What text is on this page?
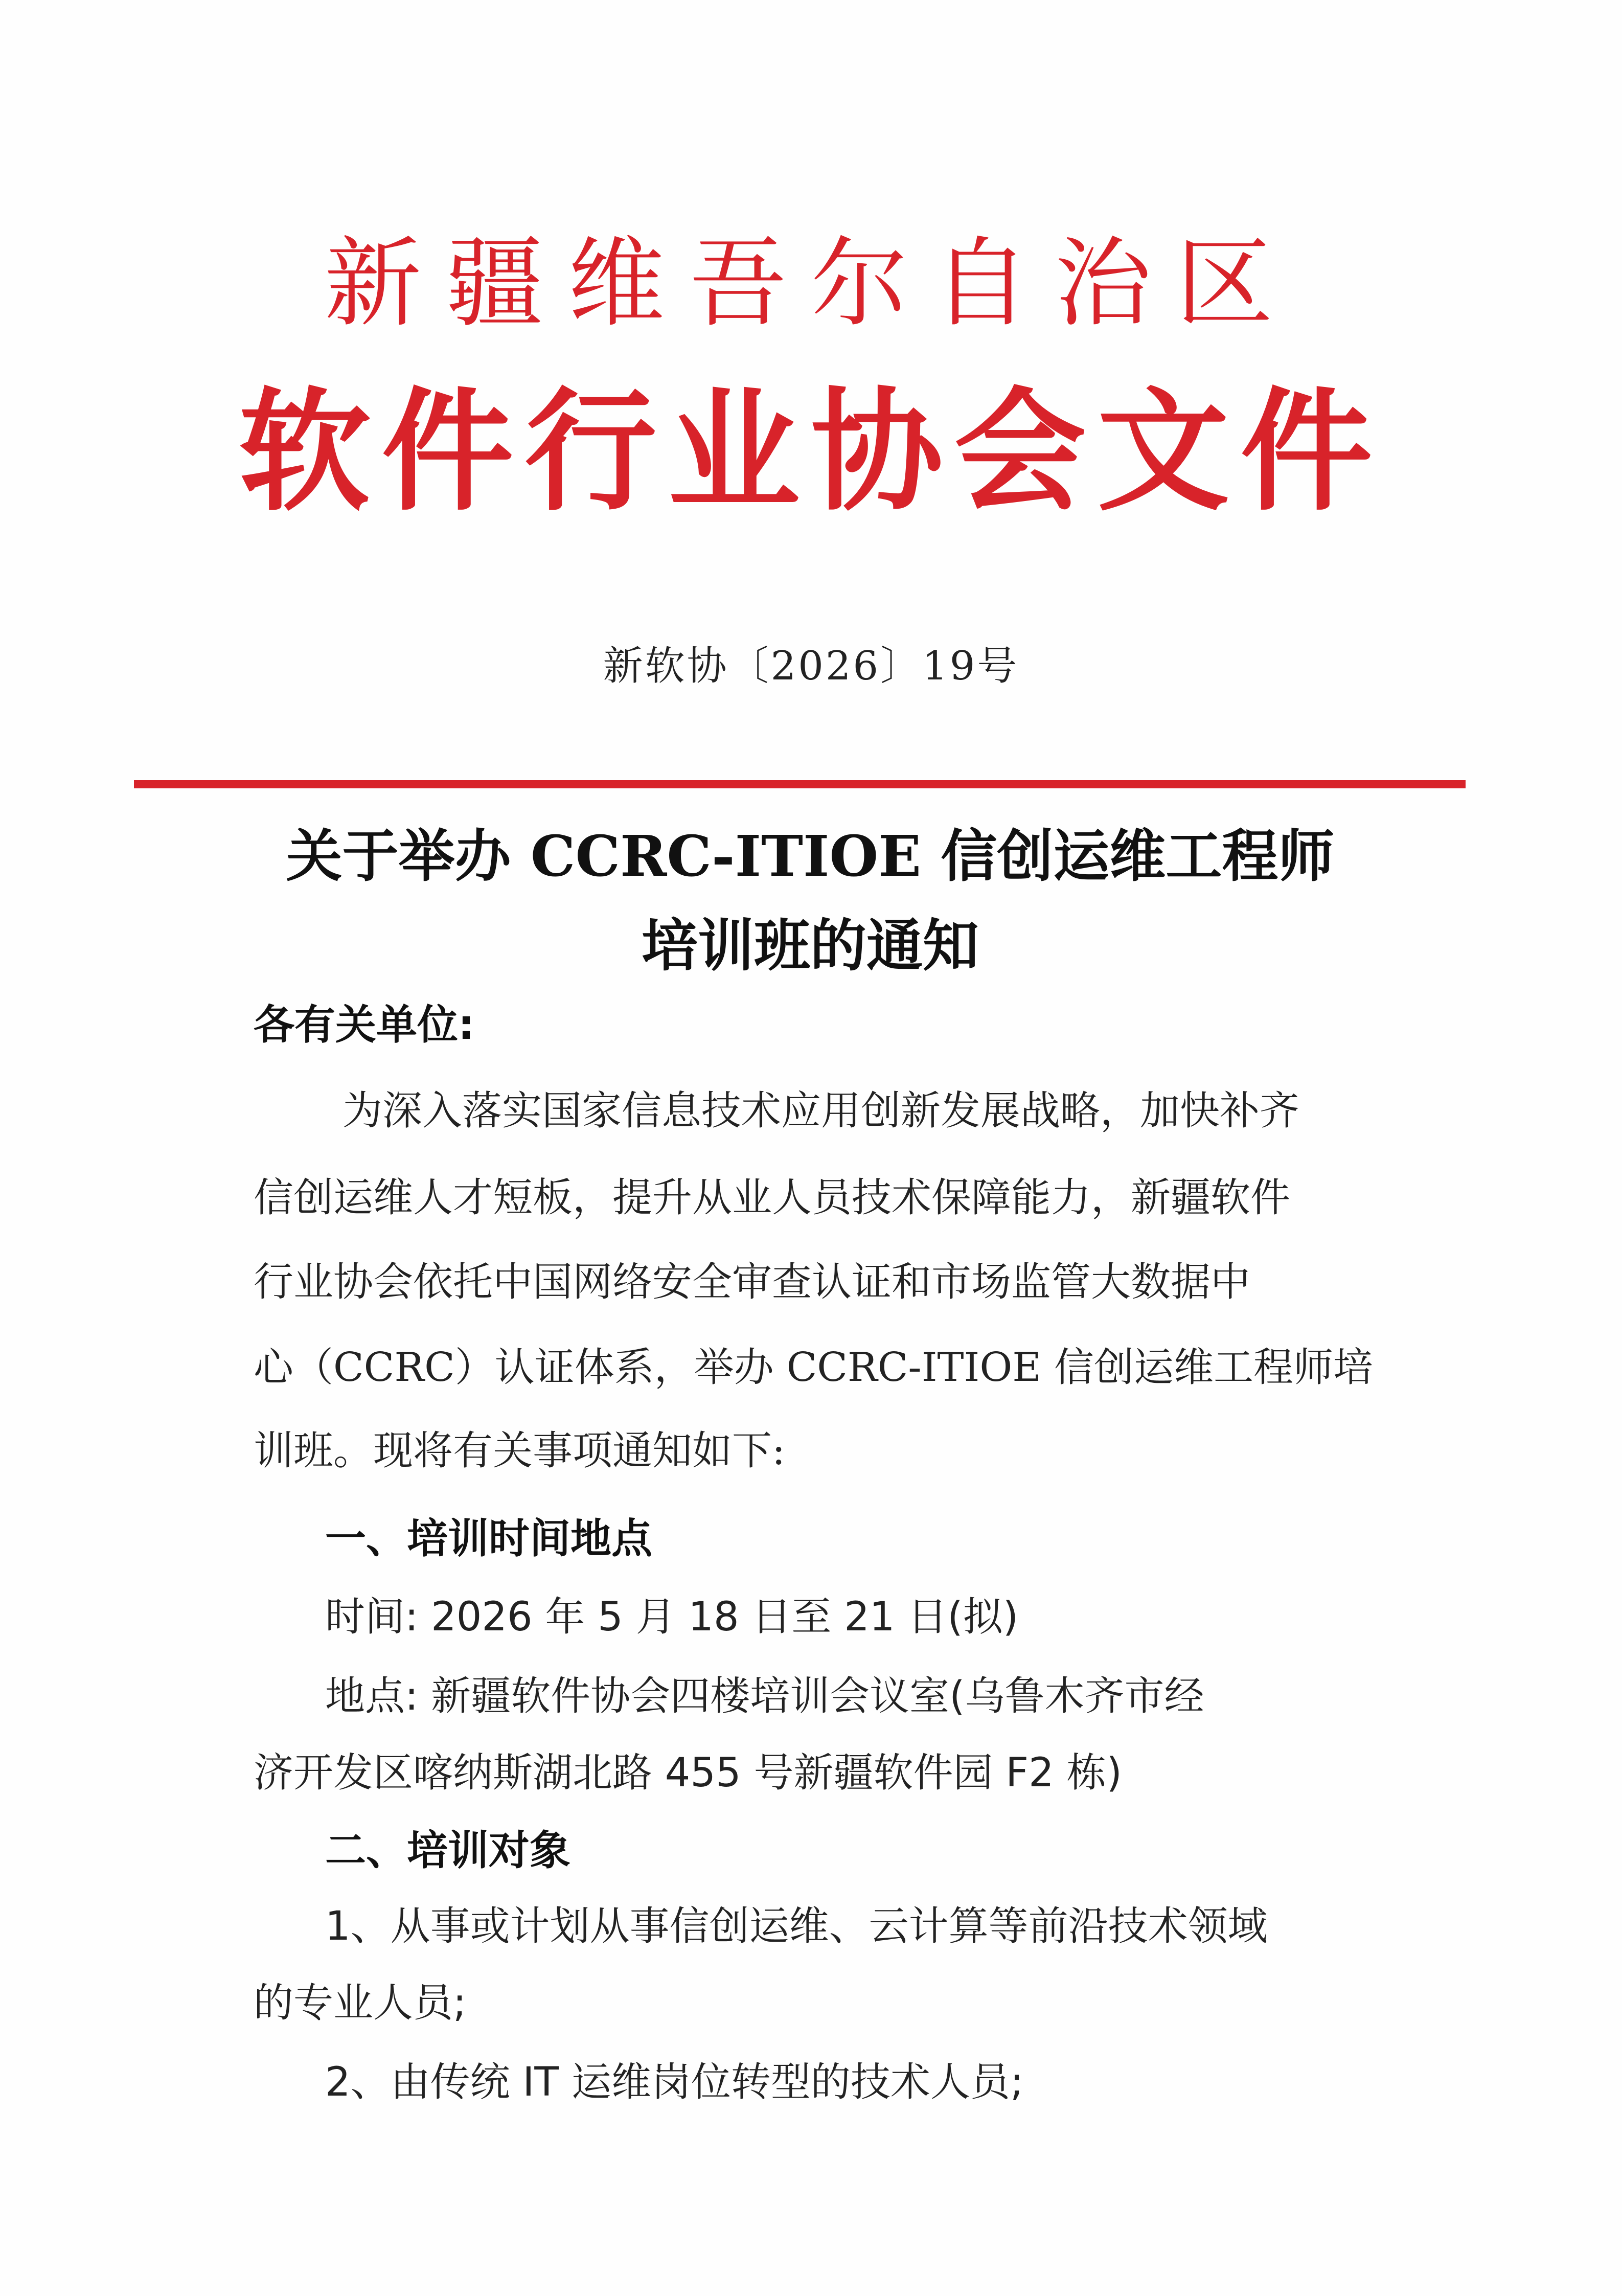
新疆维吾尔自治区
软件行业协会文件
新软协〔2026〕19号
关于举办 CCRC-ITIOE 信创运维工程师
培训班的通知
各有关单位:
为深入落实国家信息技术应用创新发展战略，加快补齐
信创运维人才短板，提升从业人员技术保障能力，新疆软件
行业协会依托中国网络安全审查认证和市场监管大数据中
心（CCRC）认证体系，举办 CCRC-ITIOE 信创运维工程师培
训班。现将有关事项通知如下:
一、培训时间地点
时间: 2026 年 5 月 18 日至 21 日(拟)
地点: 新疆软件协会四楼培训会议室(乌鲁木齐市经
济开发区喀纳斯湖北路 455 号新疆软件园 F2 栋)
二、培训对象
1、从事或计划从事信创运维、云计算等前沿技术领域
的专业人员;
2、由传统 IT 运维岗位转型的技术人员;
